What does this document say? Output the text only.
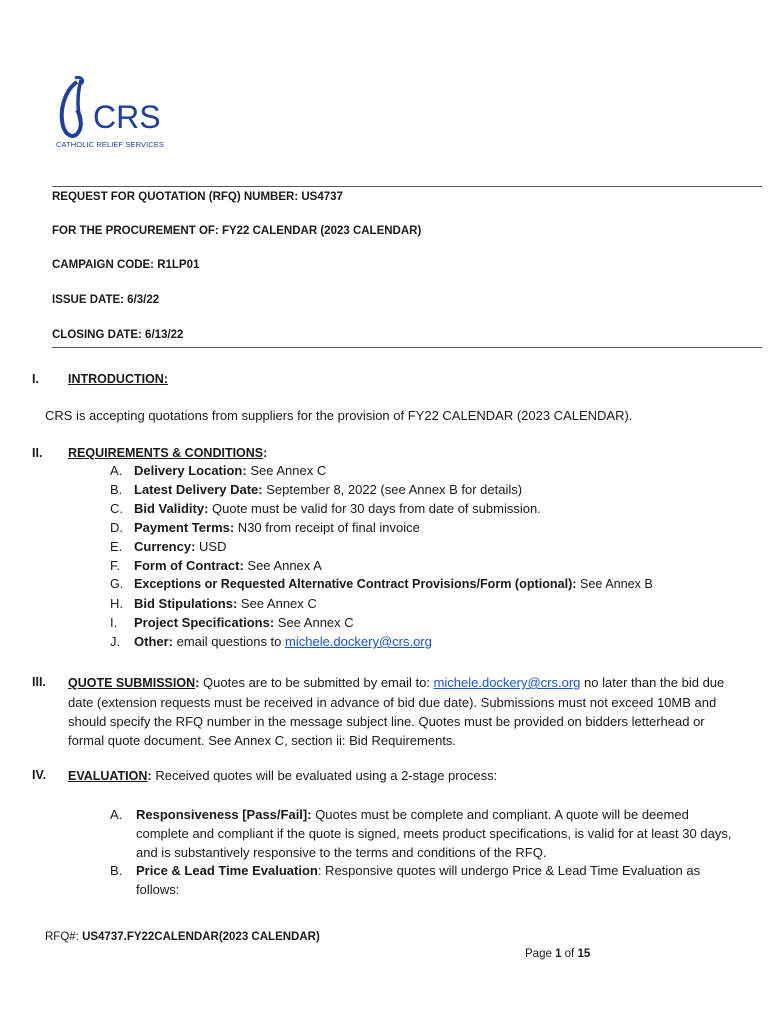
CRS
CATHOLIC RELIEF SERVICES
REQUEST FOR QUOTATION (RFQ) NUMBER: US4737
FOR THE PROCUREMENT OF: FY22 CALENDAR (2023 CALENDAR)
CAMPAIGN CODE: R1LP01
ISSUE DATE: 6/3/22
CLOSING DATE: 6/13/22
I. INTRODUCTION:
CRS is accepting quotations from suppliers for the provision of FY22 CALENDAR (2023 CALENDAR).
II. REQUIREMENTS & CONDITIONS:
A. Delivery Location: See Annex C
B. Latest Delivery Date: September 8, 2022 (see Annex B for details)
C. Bid Validity: Quote must be valid for 30 days from date of submission.
D. Payment Terms: N30 from receipt of final invoice
E. Currency: USD
F. Form of Contract: See Annex A
G. Exceptions or Requested Alternative Contract Provisions/Form (optional): See Annex B
H. Bid Stipulations: See Annex C
I. Project Specifications: See Annex C
J. Other: email questions to michele.dockery@crs.org
III. QUOTE SUBMISSION: Quotes are to be submitted by email to: michele.dockery@crs.org no later than the bid due date (extension requests must be received in advance of bid due date). Submissions must not exceed 10MB and should specify the RFQ number in the message subject line. Quotes must be provided on bidders letterhead or formal quote document. See Annex C, section ii: Bid Requirements.
IV. EVALUATION: Received quotes will be evaluated using a 2-stage process:
A.	Responsiveness [Pass/Fail]: Quotes must be complete and compliant. A quote will be deemed complete and compliant if the quote is signed, meets product specifications, is valid for at least 30 days, and is substantively responsive to the terms and conditions of the RFQ.
B.	Price & Lead Time Evaluation: Responsive quotes will undergo Price & Lead Time Evaluation as follows:
RFQ#: US4737.FY22CALENDAR(2023 CALENDAR)
Page 1 of 15
